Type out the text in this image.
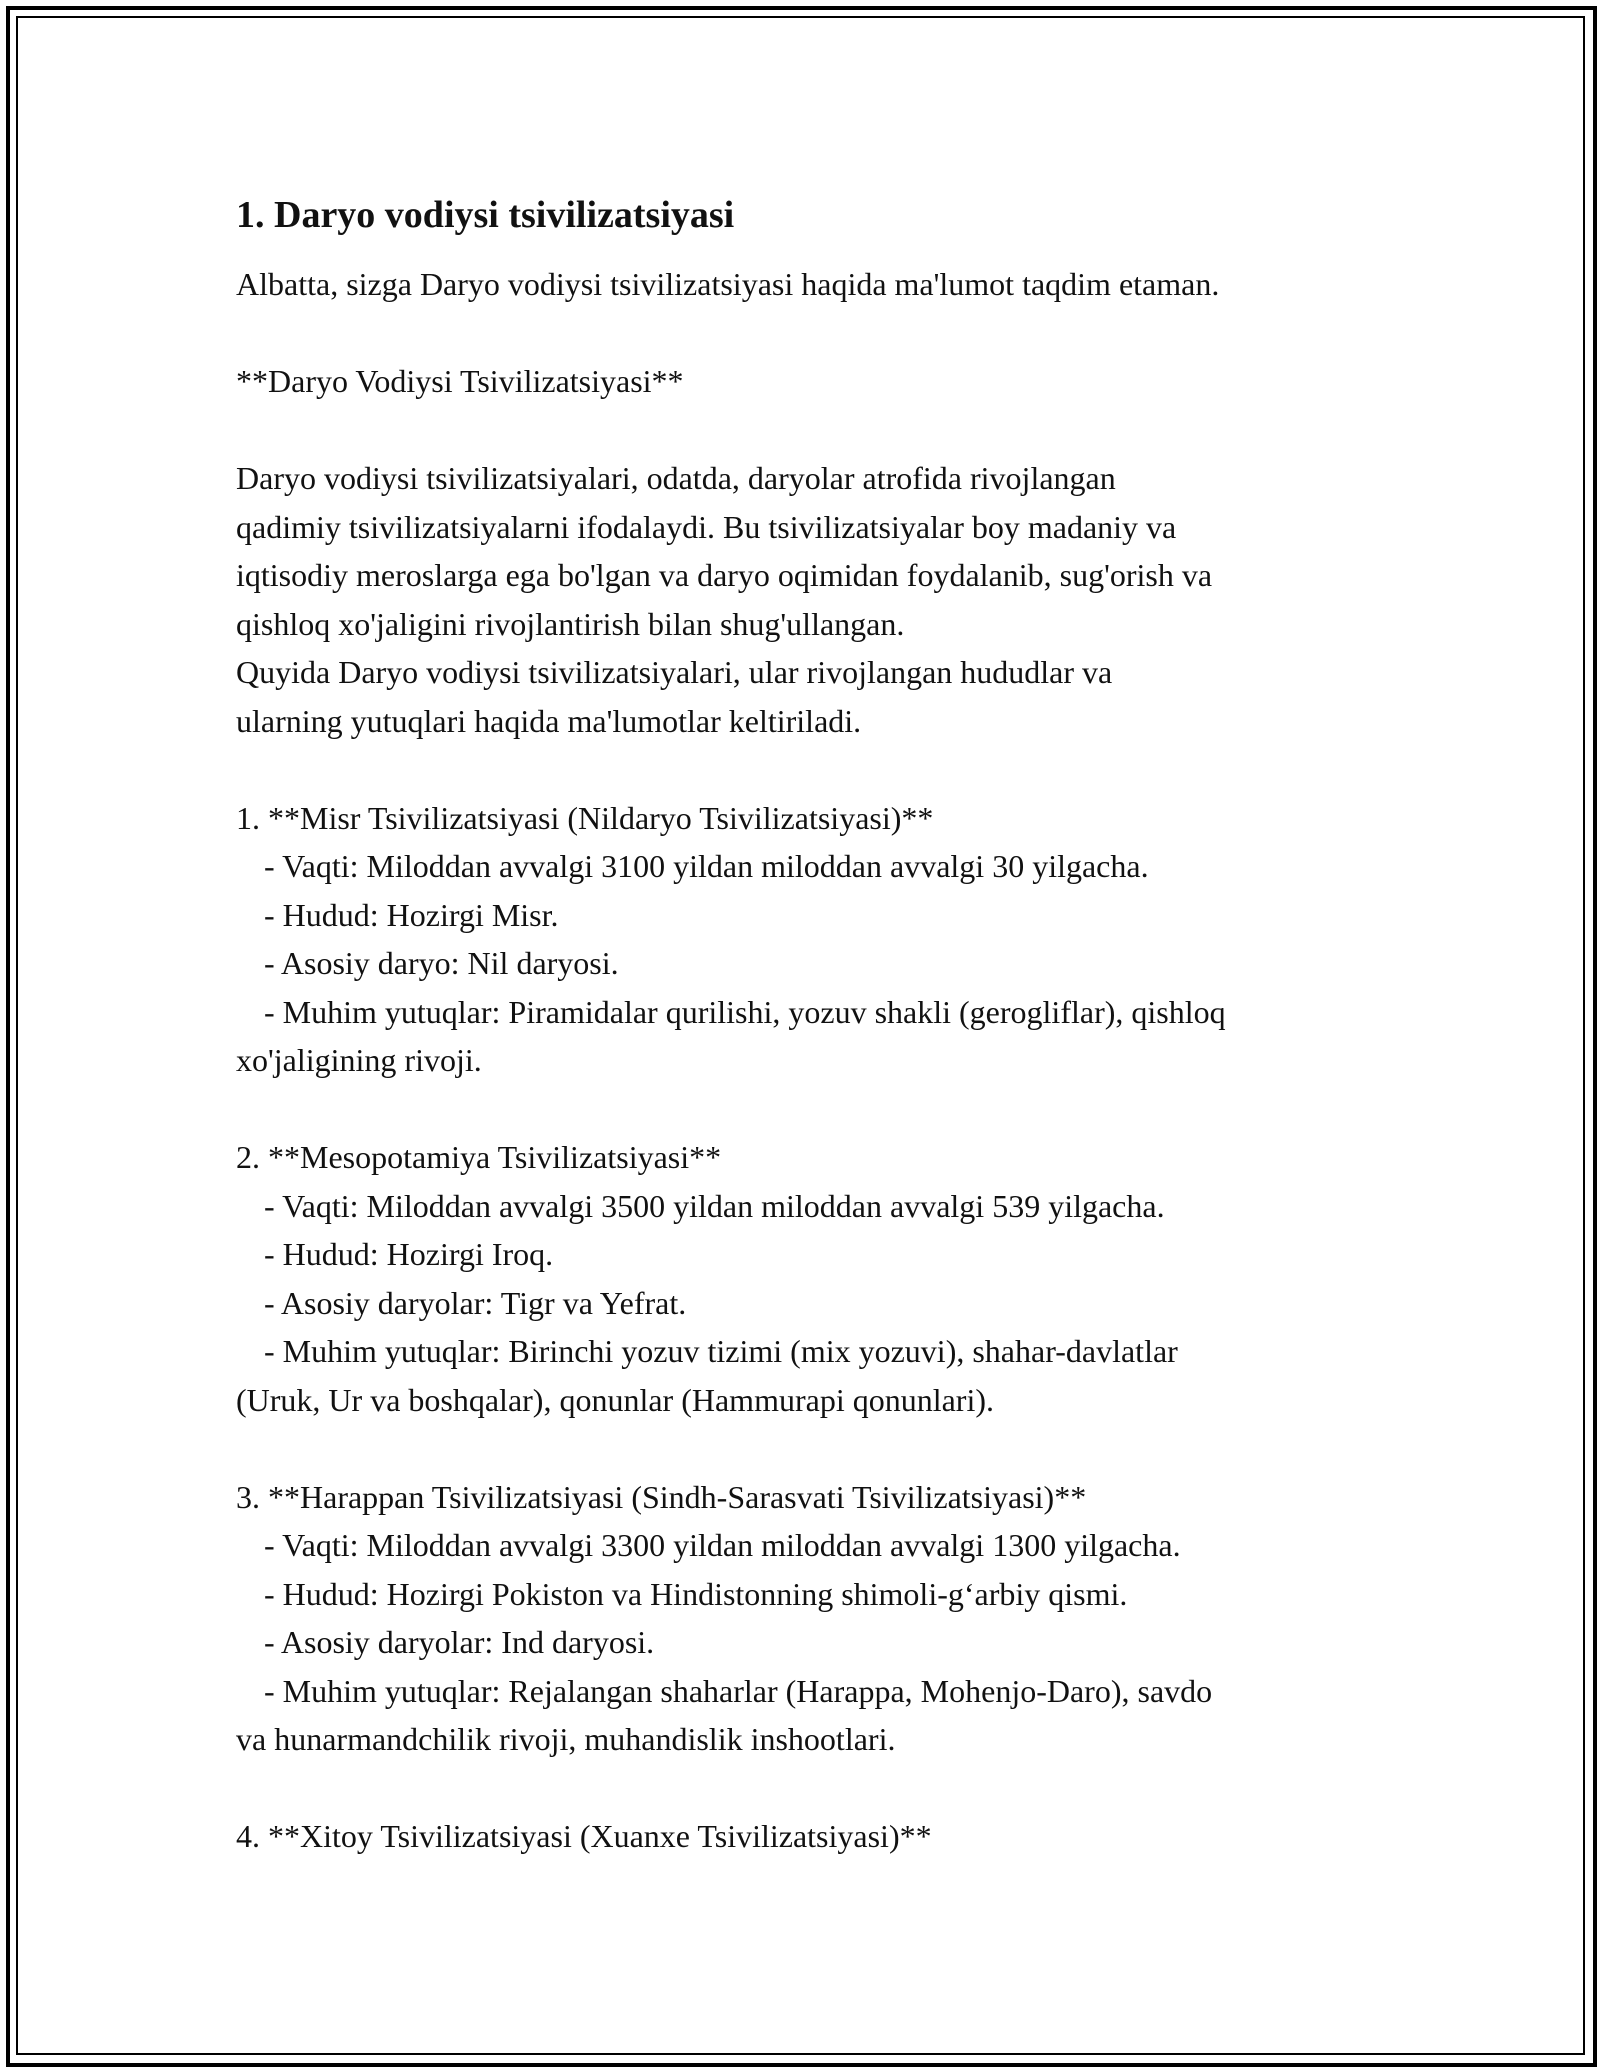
1. Daryo vodiysi tsivilizatsiyasi

Albatta, sizga Daryo vodiysi tsivilizatsiyasi haqida ma'lumot taqdim etaman.

**Daryo Vodiysi Tsivilizatsiyasi**

Daryo vodiysi tsivilizatsiyalari, odatda, daryolar atrofida rivojlangan

qadimiy tsivilizatsiyalarni ifodalaydi. Bu tsivilizatsiyalar boy madaniy va

iqtisodiy meroslarga ega bo'lgan va daryo oqimidan foydalanib, sug'orish va

qishloq xo'jaligini rivojlantirish bilan shug'ullangan.

Quyida Daryo vodiysi tsivilizatsiyalari, ular rivojlangan hududlar va

ularning yutuqlari haqida ma'lumotlar keltiriladi.

1. **Misr Tsivilizatsiyasi (Nildaryo Tsivilizatsiyasi)**

- Vaqti: Miloddan avvalgi 3100 yildan miloddan avvalgi 30 yilgacha.

- Hudud: Hozirgi Misr.

- Asosiy daryo: Nil daryosi.

- Muhim yutuqlar: Piramidalar qurilishi, yozuv shakli (gerogliflar), qishloq

xo'jaligining rivoji.

2. **Mesopotamiya Tsivilizatsiyasi**

- Vaqti: Miloddan avvalgi 3500 yildan miloddan avvalgi 539 yilgacha.

- Hudud: Hozirgi Iroq.

- Asosiy daryolar: Tigr va Yefrat.

- Muhim yutuqlar: Birinchi yozuv tizimi (mix yozuvi), shahar-davlatlar

(Uruk, Ur va boshqalar), qonunlar (Hammurapi qonunlari).

3. **Harappan Tsivilizatsiyasi (Sindh-Sarasvati Tsivilizatsiyasi)**

- Vaqti: Miloddan avvalgi 3300 yildan miloddan avvalgi 1300 yilgacha.

- Hudud: Hozirgi Pokiston va Hindistonning shimoli-g‘arbiy qismi.

- Asosiy daryolar: Ind daryosi.

- Muhim yutuqlar: Rejalangan shaharlar (Harappa, Mohenjo-Daro), savdo

va hunarmandchilik rivoji, muhandislik inshootlari.

4. **Xitoy Tsivilizatsiyasi (Xuanxe Tsivilizatsiyasi)**
